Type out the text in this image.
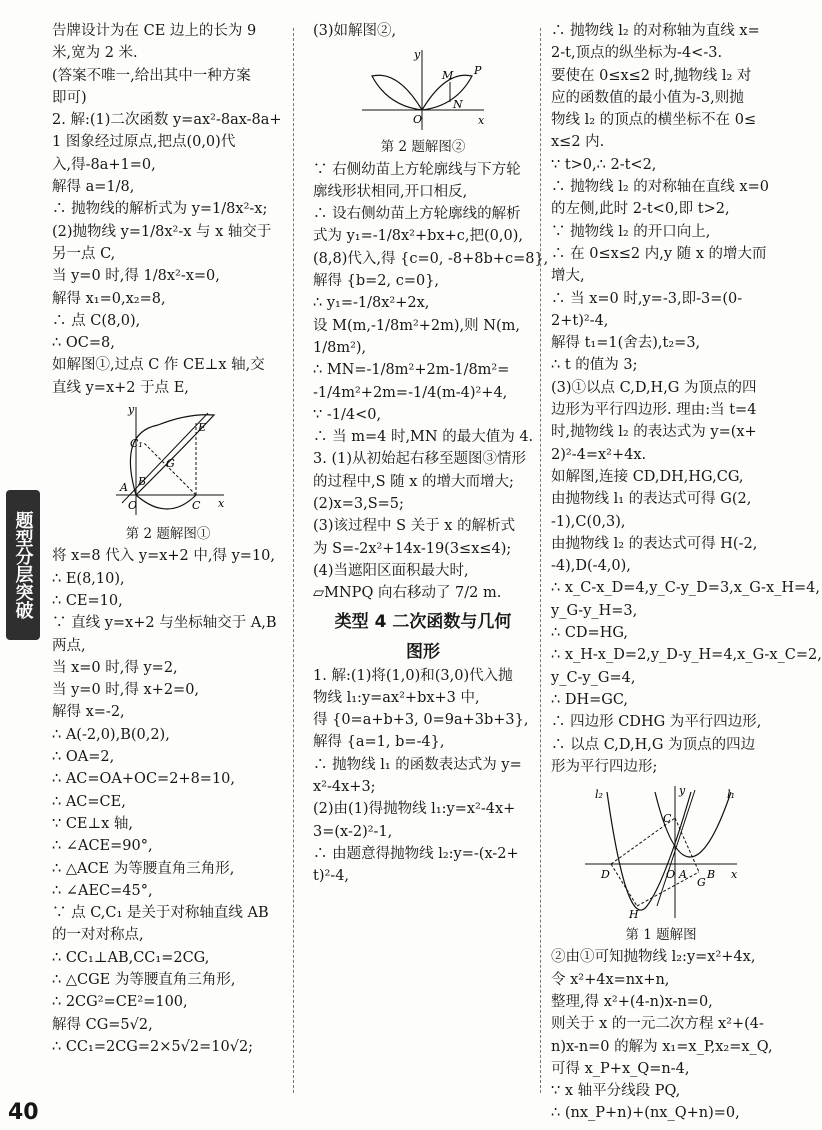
题型分层突破
40
告牌设计为在 CE 边上的长为 9
米,宽为 2 米.
(答案不唯一,给出其中一种方案
即可)
2. 解:(1)二次函数 y=ax²-8ax-8a+
1 图象经过原点,把点(0,0)代
入,得-8a+1=0,
解得 a=1/8,
∴ 抛物线的解析式为 y=1/8x²-x;
(2)抛物线 y=1/8x²-x 与 x 轴交于
另一点 C,
当 y=0 时,得 1/8x²-x=0,
解得 x₁=0,x₂=8,
∴ 点 C(8,0),
∴ OC=8,
如解图①,过点 C 作 CE⊥x 轴,交
直线 y=x+2 于点 E,
y
x
C₁
E
G
A B
O	C
第 2 题解图①
将 x=8 代入 y=x+2 中,得 y=10,
∴ E(8,10),
∴ CE=10,
∵ 直线 y=x+2 与坐标轴交于 A,B
两点,
当 x=0 时,得 y=2,
当 y=0 时,得 x+2=0,
解得 x=-2,
∴ A(-2,0),B(0,2),
∴ OA=2,
∴ AC=OA+OC=2+8=10,
∴ AC=CE,
∵ CE⊥x 轴,
∴ ∠ACE=90°,
∴ △ACE 为等腰直角三角形,
∴ ∠AEC=45°,
∵ 点 C,C₁ 是关于对称轴直线 AB
的一对对称点,
∴ CC₁⊥AB,CC₁=2CG,
∴ △CGE 为等腰直角三角形,
∴ 2CG²=CE²=100,
解得 CG=5√2,
∴ CC₁=2CG=2×5√2=10√2;
(3)如解图②,
y
x
M P
N
O
第 2 题解图②
∵ 右侧幼苗上方轮廓线与下方轮
廓线形状相同,开口相反,
∴ 设右侧幼苗上方轮廓线的解析
式为 y₁=-1/8x²+bx+c,把(0,0),
(8,8)代入,得 {c=0, -8+8b+c=8},
解得 {b=2, c=0},
∴ y₁=-1/8x²+2x,
设 M(m,-1/8m²+2m),则 N(m,
1/8m²),
∴ MN=-1/8m²+2m-1/8m²=
-1/4m²+2m=-1/4(m-4)²+4,
∵ -1/4<0,
∴ 当 m=4 时,MN 的最大值为 4.
3. (1)从初始起右移至题图③情形
的过程中,S 随 x 的增大而增大;
(2)x=3,S=5;
(3)该过程中 S 关于 x 的解析式
为 S=-2x²+14x-19(3≤x≤4);
(4)当遮阳区面积最大时,
▱MNPQ 向右移动了 7/2 m.
类型 4 二次函数与几何
图形
1. 解:(1)将(1,0)和(3,0)代入抛
物线 l₁:y=ax²+bx+3 中,
得 {0=a+b+3, 0=9a+3b+3},
解得 {a=1, b=-4},
∴ 抛物线 l₁ 的函数表达式为 y=
x²-4x+3;
(2)由(1)得抛物线 l₁:y=x²-4x+
3=(x-2)²-1,
∴ 由题意得抛物线 l₂:y=-(x-2+
t)²-4,
∴ 抛物线 l₂ 的对称轴为直线 x=
2-t,顶点的纵坐标为-4<-3.
要使在 0≤x≤2 时,抛物线 l₂ 对
应的函数值的最小值为-3,则抛
物线 l₂ 的顶点的横坐标不在 0≤
x≤2 内.
∵ t>0,∴ 2-t<2,
∴ 抛物线 l₂ 的对称轴在直线 x=0
的左侧,此时 2-t<0,即 t>2,
∵ 抛物线 l₂ 的开口向上,
∴ 在 0≤x≤2 内,y 随 x 的增大而
增大,
∴ 当 x=0 时,y=-3,即-3=(0-
2+t)²-4,
解得 t₁=1(舍去),t₂=3,
∴ t 的值为 3;
(3)①以点 C,D,H,G 为顶点的四
边形为平行四边形. 理由:当 t=4
时,抛物线 l₂ 的表达式为 y=(x+
2)²-4=x²+4x.
如解图,连接 CD,DH,HG,CG,
由抛物线 l₁ 的表达式可得 G(2,
-1),C(0,3),
由抛物线 l₂ 的表达式可得 H(-2,
-4),D(-4,0),
∴ x_C-x_D=4,y_C-y_D=3,x_G-x_H=4,
y_G-y_H=3,
∴ CD=HG,
∴ x_H-x_D=2,y_D-y_H=4,x_G-x_C=2,
y_C-y_G=4,
∴ DH=GC,
∴ 四边形 CDHG 为平行四边形,
∴ 以点 C,D,H,G 为顶点的四边
形为平行四边形;
l₂	l₁
y
x
C
D	O A B
G
H
第 1 题解图
②由①可知抛物线 l₂:y=x²+4x,
令 x²+4x=nx+n,
整理,得 x²+(4-n)x-n=0,
则关于 x 的一元二次方程 x²+(4-
n)x-n=0 的解为 x₁=x_P,x₂=x_Q,
可得 x_P+x_Q=n-4,
∵ x 轴平分线段 PQ,
∴ (nx_P+n)+(nx_Q+n)=0,
